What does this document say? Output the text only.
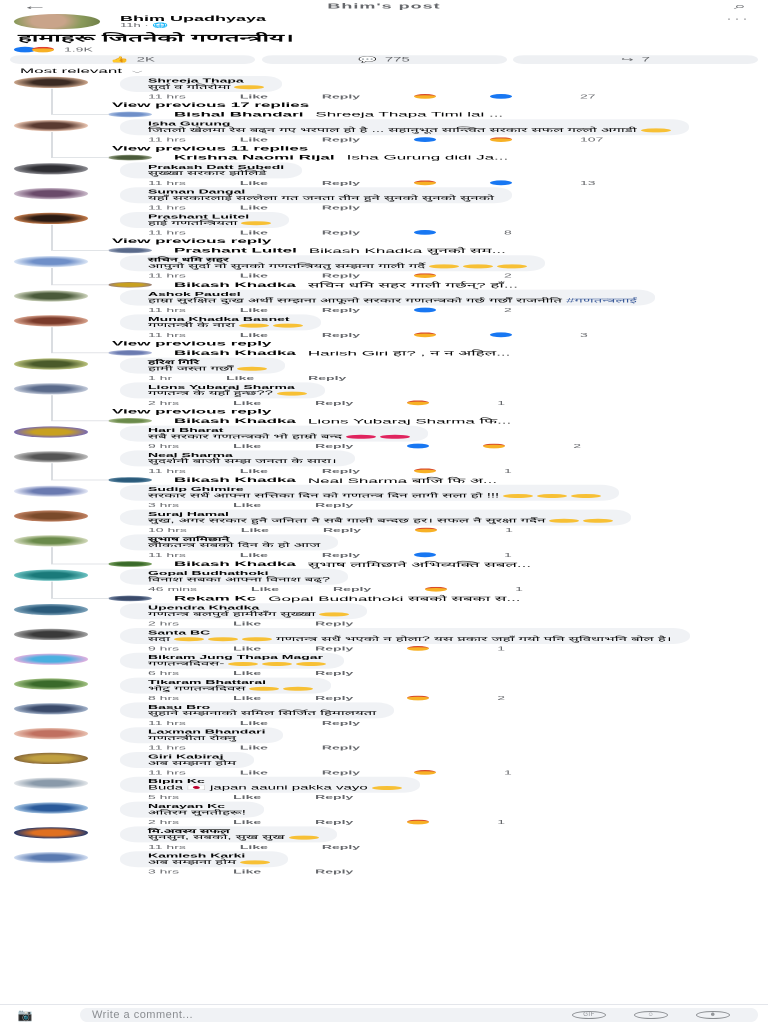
←	Bhim's post	⌕
Bhim Upadhyaya
11h · 🌐
···
हामाहरू जितनेको गणतन्त्रीय।
1.9K
👍 2K	💬 775	↪ 7
Most relevant ⌵
Shreeja Thapa
सुर्दा व गतिरोमा
11 hrs	Like	Reply	27
View previous 17 replies
Bishal Bhandari Shreeja Thapa Timi lai ...
Isha Gurung
जितलो खेलमा रेस बढ्न गए भरपाल हो है ... सहानुभूत सान्त्वित सरकार सफल गल्लो अगाडी
11 hrs	Like	Reply	107
View previous 11 replies
Krishna Naomi Rijal Isha Gurung didi Ja...
Prakash Datt Subedi
सुख्खा सरकार झोलिडे
11 hrs	Like	Reply	13
Suman Dangal
यहाँ सरकारलाई सल्लेला गत जनता तीन हुने सुनको सुनको सुनको
11 hrs	Like	Reply
Prashant Luitel
हाई गणतन्त्रियता
11 hrs	Like	Reply	8
View previous reply
Prashant Luitel Bikash Khadka सुनको सम...
सचिन धमि सहर
आपुनो सुर्दा नो सुनको गणतन्त्रियतु सम्झना गाली गर्दै
11 hrs	Like	Reply	2
Bikash Khadka सचिन धमि सहर गाली गर्छन्? हाँ...
Ashok Paudel
हाम्रा सुरक्षित दुःख अर्थी सम्झना आफूनो सरकार गणतन्त्रको गर्छ गर्छौं राजनीति #गणतन्त्रलाई
11 hrs	Like	Reply	2
Muna Khadka Basnet
गणतन्त्री के नारा
11 hrs	Like	Reply	3
View previous reply
Bikash Khadka Harish Giri हा? , न न अहिल...
हरिश गिरि
हामी जस्ता गर्छौं
1 hr	Like	Reply
Lions Yubaraj Sharma
गणतन्त्र के यहाँ हुन्छ??
2 hrs	Like	Reply	1
View previous reply
Bikash Khadka Lions Yubaraj Sharma फि...
Hari Bharat
सबै सरकार गणतन्त्रको भो हाम्रो बन्द
9 hrs	Like	Reply	2
Neal Sharma
सुदर्शनी बाजी सम्झ जनता के सारा।
11 hrs	Like	Reply	1
Bikash Khadka Neal Sharma बाजि फि अ...
Sudip Ghimire
सरकार सधैं आफ्ना सत्तिका दिन को गणतन्त्र दिन लागी सला हो !!!
3 hrs	Like	Reply
Suraj Hamal
सुख, अगर सरकार हुनै जनिता नै सबै गाली बन्दछ हर। सफल नै सुरक्षा गर्दैन
10 hrs	Like	Reply	1
सुभाष लामिछाने
लोकतन्त्र सबको दिन के हो आज
11 hrs	Like	Reply	1
Bikash Khadka सुभाष लामिछाने अभिव्यक्ति सबल...
Gopal Budhathoki
विनाश सबका आफ्ना विनाश बढ्?
46 mins	Like	Reply	1
Rekam Kc Gopal Budhathoki सबको सबका स...
Upendra Khadka
गणतन्त्र बलपुर्व हामीसँग सुख्खा
2 hrs	Like	Reply
Santa BC
सदा	गणतन्त्र सधैं भएको न होला? यस प्रकार जहाँ गयो पनि सुविधाभनि बोल है।
9 hrs	Like	Reply	1
Bikram Jung Thapa Magar
गणतन्त्रदिवस-
6 hrs	Like	Reply
Tikaram Bhattarai
भोटु गणतन्त्रदिवस
8 hrs	Like	Reply	2
Basu Bro
सुहाने सम्झनाको समिल सिर्जित हिमालयता
11 hrs	Like	Reply
Laxman Bhandari
गणतन्त्रीता रोक्नु
11 hrs	Like	Reply
Giri Kabiraj
अब सम्झना होम
11 hrs	Like	Reply	1
Bipin Kc
Buda 🇯🇵 japan aauni pakka vayo
5 hrs	Like	Reply
Narayan Kc
अतिरम सुनतीहरू!
2 hrs	Like	Reply	1
मि.अवस्य सफल
सुनसुन, सबको, सुख सुख
11 hrs	Like	Reply
Kamlesh Karki
अब सम्झना होम
3 hrs	Like	Reply
📷	Write a comment...	GIF	☺	☻
